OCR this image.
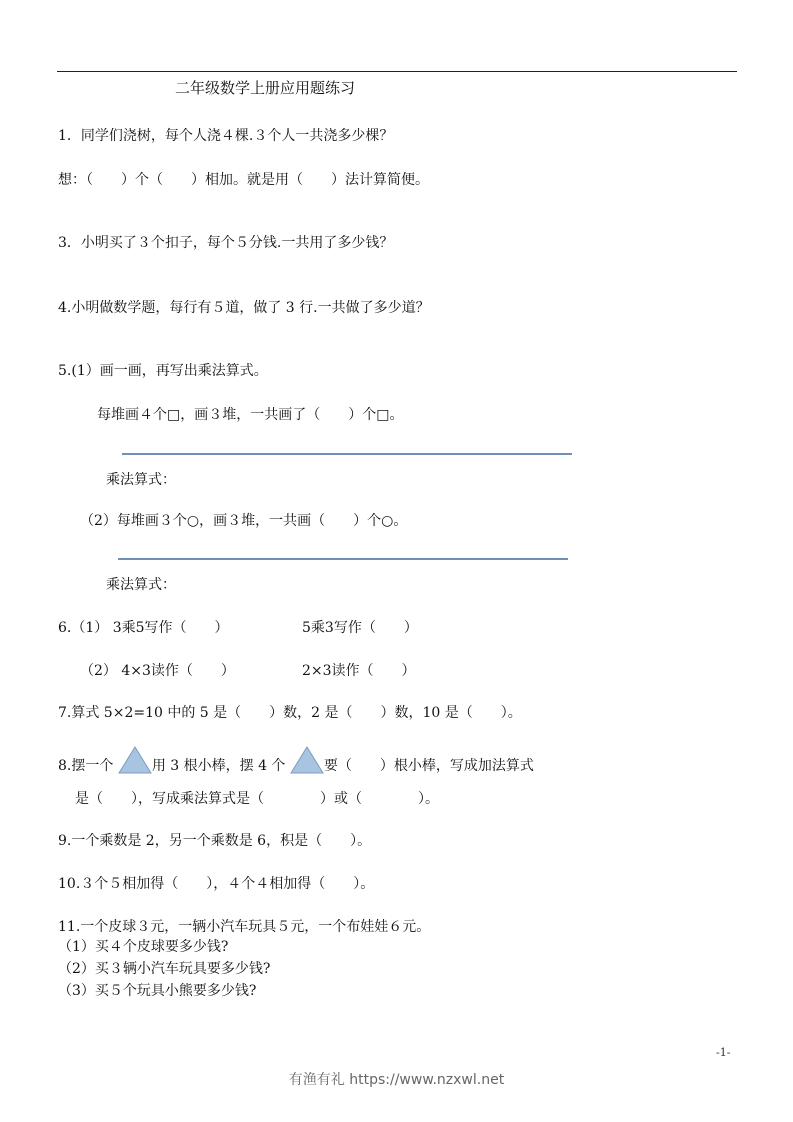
二年级数学上册应用题练习
1．同学们浇树，每个人浇４棵.３个人一共浇多少棵？
想：（　　）个（　　）相加。就是用（　　）法计算简便。
3．小明买了３个扣子，每个５分钱.一共用了多少钱？
4.小明做数学题，每行有５道，做了 3 行.一共做了多少道？
5.(1）画一画，再写出乘法算式。
每堆画４个□，画３堆，一共画了（　　）个□。
乘法算式：
（2）每堆画３个○，画３堆，一共画（　　）个○。
乘法算式：
6.（1） 3乘5写作（　　）	5乘3写作（　　）
（2） 4×3读作（　　）	2×3读作（　　）
7.算式 5×2=10 中的 5 是（　　）数，2 是（　　）数，10 是（　　）。
8.摆一个	用 3 根小棒，摆 4 个	要（　　）根小棒，写成加法算式
是（　　），写成乘法算式是（　　　　）或（　　　　）。
9.一个乘数是 2，另一个乘数是 6，积是（　　）。
10.３个５相加得（　　），４个４相加得（　　）。
11.一个皮球３元，一辆小汽车玩具５元，一个布娃娃６元。
（1）买４个皮球要多少钱?
（2）买３辆小汽车玩具要多少钱?
（3）买５个玩具小熊要多少钱?
-1-
有渔有礼 https://www.nzxwl.net
